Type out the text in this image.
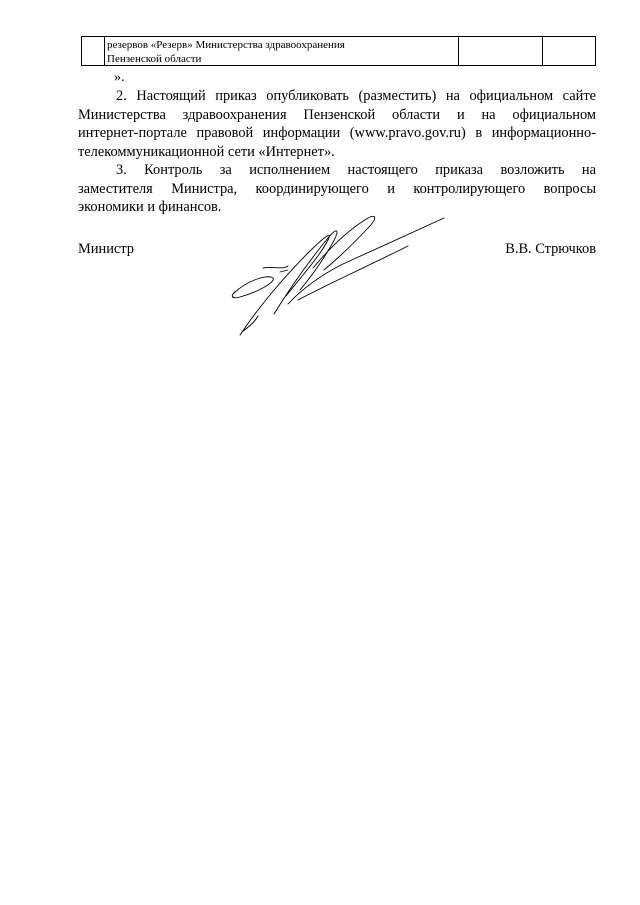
резервов «Резерв» Министерства здравоохранения
Пензенской области
».
2. Настоящий приказ опубликовать (разместить) на официальном сайте
Министерства здравоохранения Пензенской области и на официальном
интернет-портале правовой информации (www.pravo.gov.ru) в информационно-
телекоммуникационной сети «Интернет».
3. Контроль за исполнением настоящего приказа возложить на
заместителя Министра, координирующего и контролирующего вопросы
экономики и финансов.
Министр	В.В. Стрючков
